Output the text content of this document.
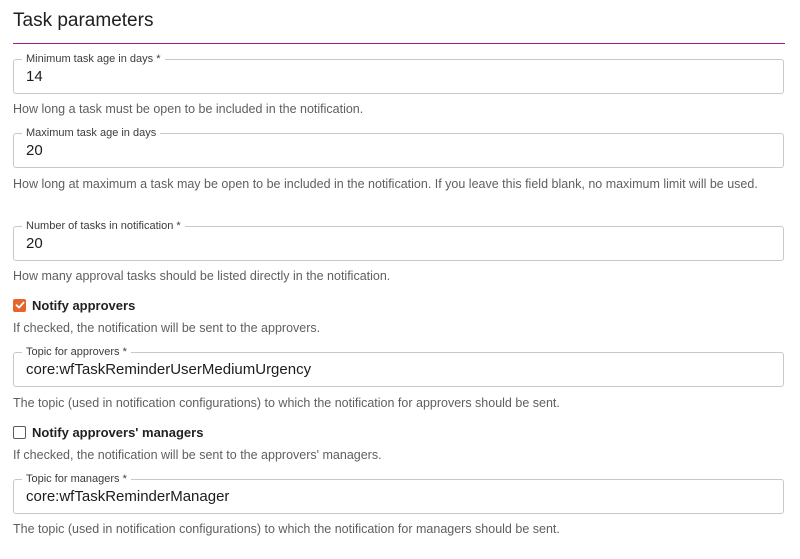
Task parameters
Minimum task age in days *
14
How long a task must be open to be included in the notification.
Maximum task age in days
20
How long at maximum a task may be open to be included in the notification. If you leave this field blank, no maximum limit will be used.
Number of tasks in notification *
20
How many approval tasks should be listed directly in the notification.
Notify approvers
If checked, the notification will be sent to the approvers.
Topic for approvers *
core:wfTaskReminderUserMediumUrgency
The topic (used in notification configurations) to which the notification for approvers should be sent.
Notify approvers' managers
If checked, the notification will be sent to the approvers' managers.
Topic for managers *
core:wfTaskReminderManager
The topic (used in notification configurations) to which the notification for managers should be sent.
